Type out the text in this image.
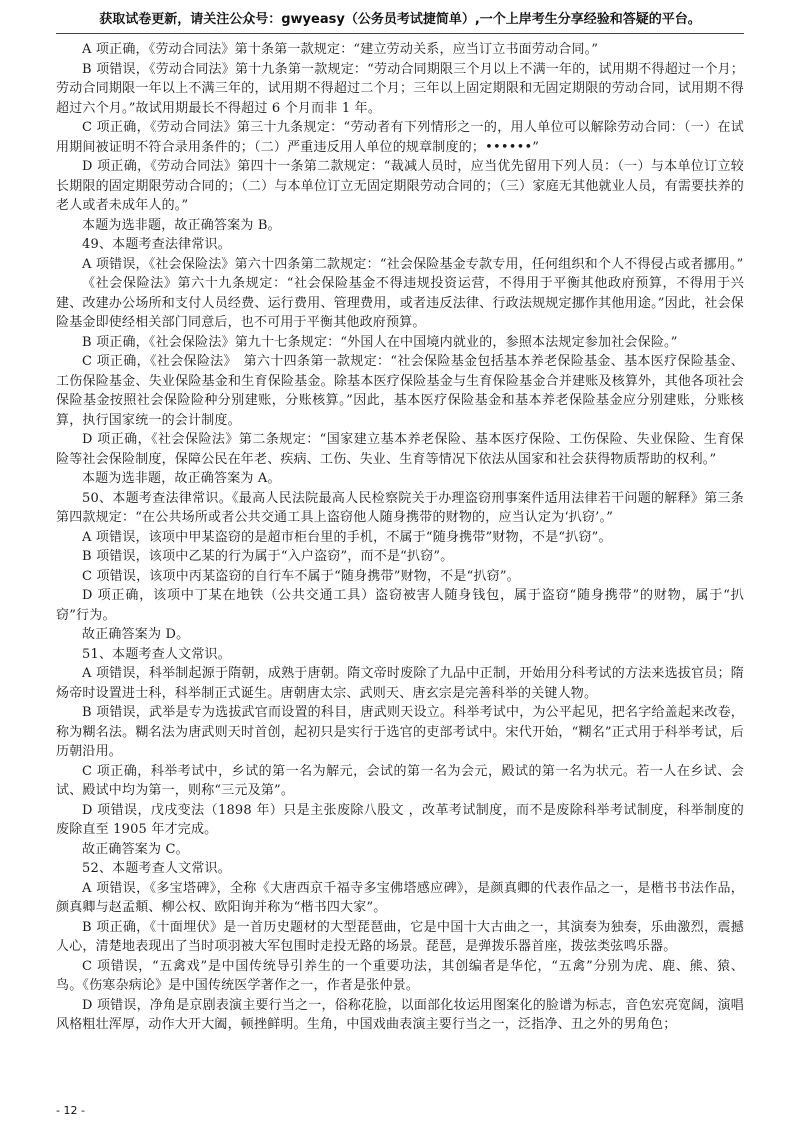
获取试卷更新，请关注公众号：gwyeasy（公务员考试捷简单）,一个上岸考生分享经验和答疑的平台。

A 项正确，《劳动合同法》第十条第一款规定：“建立劳动关系，应当订立书面劳动合同。”

B 项错误，《劳动合同法》第十九条第一款规定：“劳动合同期限三个月以上不满一年的，试用期不得超过一个月；劳动合同期限一年以上不满三年的，试用期不得超过二个月；三年以上固定期限和无固定期限的劳动合同，试用期不得超过六个月。”故试用期最长不得超过 6 个月而非 1 年。

C 项正确，《劳动合同法》第三十九条规定：“劳动者有下列情形之一的，用人单位可以解除劳动合同：（一）在试用期间被证明不符合录用条件的；（二）严重违反用人单位的规章制度的；••••••”

D 项正确，《劳动合同法》第四十一条第二款规定：“裁减人员时，应当优先留用下列人员：（一）与本单位订立较长期限的固定期限劳动合同的；（二）与本单位订立无固定期限劳动合同的；（三）家庭无其他就业人员，有需要扶养的老人或者未成年人的。”

本题为选非题，故正确答案为 B。

49、本题考查法律常识。

A 项错误，《社会保险法》第六十四条第二款规定：“社会保险基金专款专用，任何组织和个人不得侵占或者挪用。”

《社会保险法》第六十九条规定：“社会保险基金不得违规投资运营，不得用于平衡其他政府预算，不得用于兴建、改建办公场所和支付人员经费、运行费用、管理费用，或者违反法律、行政法规规定挪作其他用途。”因此，社会保险基金即使经相关部门同意后，也不可用于平衡其他政府预算。

B 项正确，《社会保险法》第九十七条规定：“外国人在中国境内就业的，参照本法规定参加社会保险。”

C 项正确，《社会保险法》　第六十四条第一款规定：“社会保险基金包括基本养老保险基金、基本医疗保险基金、工伤保险基金、失业保险基金和生育保险基金。除基本医疗保险基金与生育保险基金合并建账及核算外，其他各项社会保险基金按照社会保险险种分别建账，分账核算。”因此，基本医疗保险基金和基本养老保险基金应分别建账，分账核算，执行国家统一的会计制度。

D 项正确，《社会保险法》第二条规定：“国家建立基本养老保险、基本医疗保险、工伤保险、失业保险、生育保险等社会保险制度，保障公民在年老、疾病、工伤、失业、生育等情况下依法从国家和社会获得物质帮助的权利。”

本题为选非题，故正确答案为 A。

50、本题考查法律常识。《最高人民法院最高人民检察院关于办理盗窃刑事案件适用法律若干问题的解释》第三条第四款规定：“在公共场所或者公共交通工具上盗窃他人随身携带的财物的，应当认定为‘扒窃’。”

A 项错误，该项中甲某盗窃的是超市柜台里的手机，不属于“随身携带”财物，不是“扒窃”。

B 项错误，该项中乙某的行为属于“入户盗窃”，而不是“扒窃”。

C 项错误，该项中丙某盗窃的自行车不属于“随身携带”财物，不是“扒窃”。

D 项正确，该项中丁某在地铁（公共交通工具）盗窃被害人随身钱包，属于盗窃“随身携带”的财物，属于“扒窃”行为。

故正确答案为 D。

51、本题考查人文常识。

A 项错误，科举制起源于隋朝，成熟于唐朝。隋文帝时废除了九品中正制，开始用分科考试的方法来选拔官员；隋炀帝时设置进士科，科举制正式诞生。唐朝唐太宗、武则天、唐玄宗是完善科举的关键人物。

B 项错误，武举是专为选拔武官而设置的科目，唐武则天设立。科举考试中，为公平起见，把名字给盖起来改卷，称为糊名法。糊名法为唐武则天时首创，起初只是实行于选官的吏部考试中。宋代开始，“糊名”正式用于科举考试，后历朝沿用。

C 项正确，科举考试中，乡试的第一名为解元，会试的第一名为会元，殿试的第一名为状元。若一人在乡试、会试、殿试中均为第一，则称“三元及第”。

D 项错误，戊戌变法（1898 年）只是主张废除八股文 ，改革考试制度，而不是废除科举考试制度，科举制度的废除直至 1905 年才完成。

故正确答案为 C。

52、本题考查人文常识。

A 项错误，《多宝塔碑》，全称《大唐西京千福寺多宝佛塔感应碑》，是颜真卿的代表作品之一，是楷书书法作品，颜真卿与赵孟頫、柳公权、欧阳询并称为“楷书四大家”。

B 项正确，《十面埋伏》是一首历史题材的大型琵琶曲，它是中国十大古曲之一，其演奏为独奏，乐曲激烈，震撼人心，清楚地表现出了当时项羽被大军包围时走投无路的场景。琵琶，是弹拨乐器首座，拨弦类弦鸣乐器。

C 项错误，“五禽戏”是中国传统导引养生的一个重要功法，其创编者是华佗，“五禽”分别为虎、鹿、熊、猿、鸟。《伤寒杂病论》是中国传统医学著作之一，作者是张仲景。

D 项错误，净角是京剧表演主要行当之一，俗称花脸，以面部化妆运用图案化的脸谱为标志，音色宏亮宽阔，演唱风格粗壮浑厚，动作大开大阖，顿挫鲜明。生角，中国戏曲表演主要行当之一，泛指净、丑之外的男角色；

- 12 -
